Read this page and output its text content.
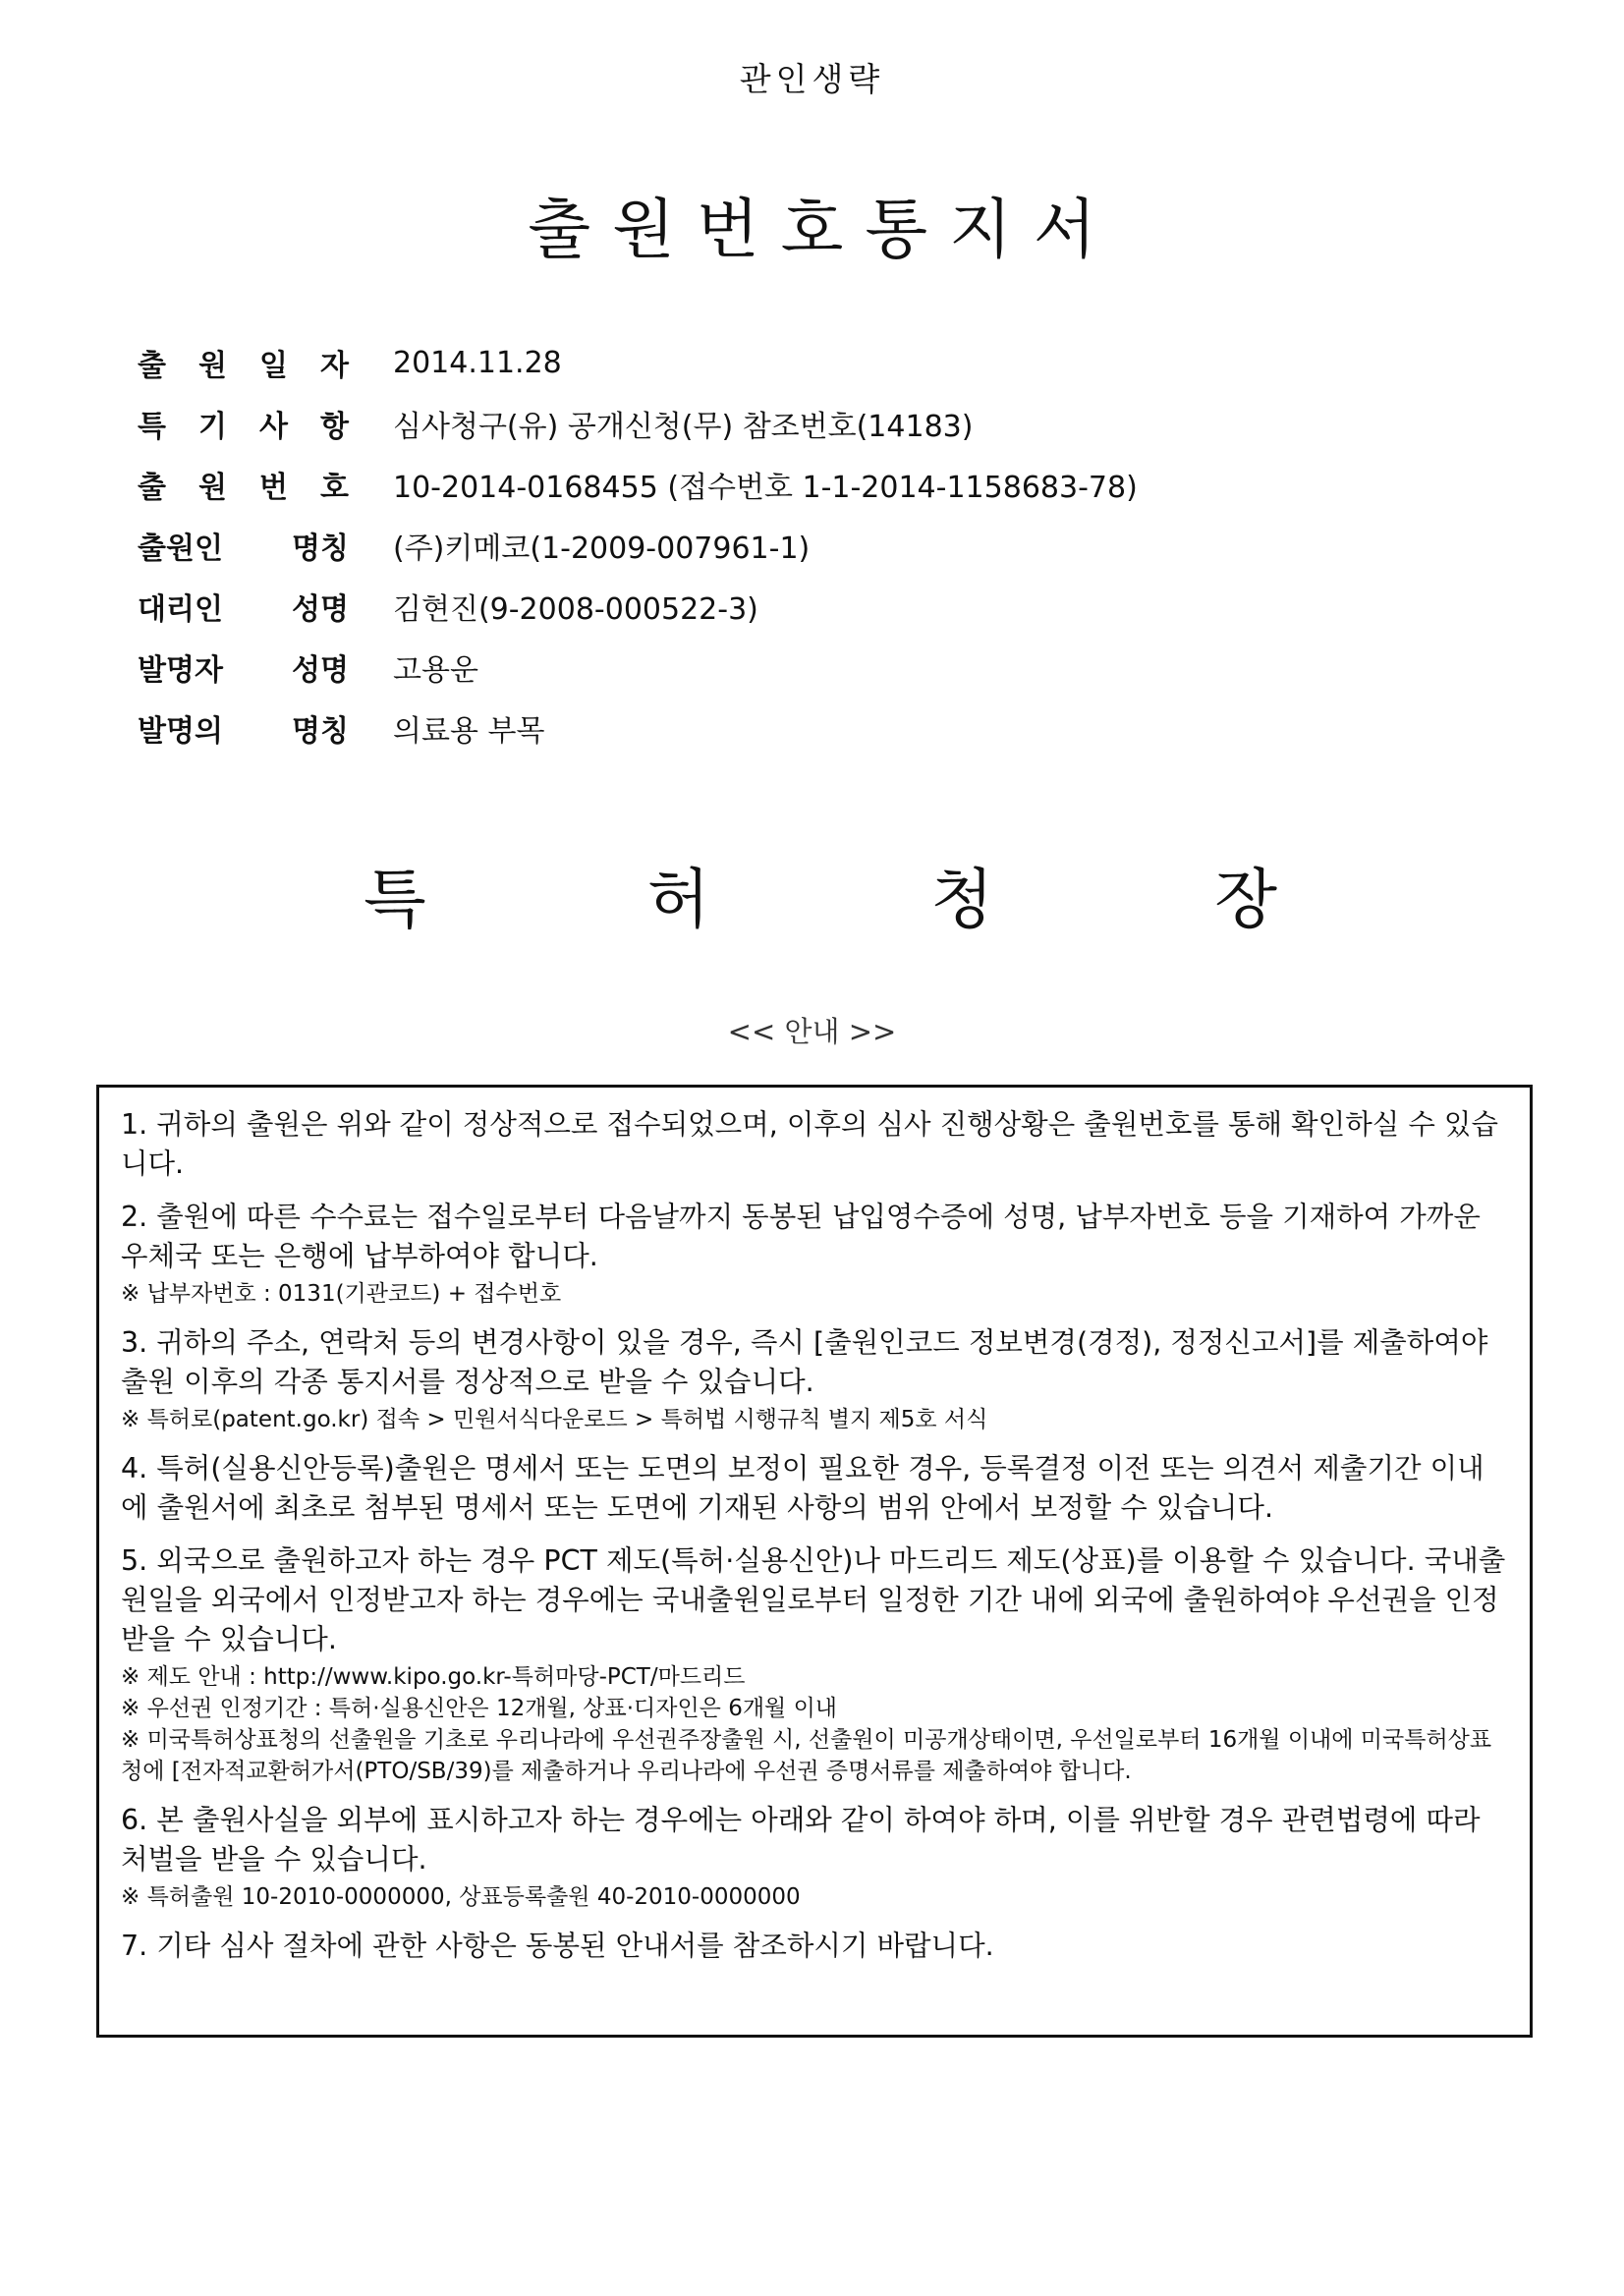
관인생략
출원번호통지서
출 원 일 자 2014.11.28
특 기 사 항 심사청구(유) 공개신청(무) 참조번호(14183)
출 원 번 호 10-2014-0168455 (접수번호 1-1-2014-1158683-78)
출원인 명칭 (주)키메코(1-2009-007961-1)
대리인 성명 김현진(9-2008-000522-3)
발명자 성명 고용운
발명의 명칭 의료용 부목
특	허	청	장
<< 안내 >>
1. 귀하의 출원은 위와 같이 정상적으로 접수되었으며, 이후의 심사 진행상황은 출원번호를 통해 확인하실 수 있습니다.
2. 출원에 따른 수수료는 접수일로부터 다음날까지 동봉된 납입영수증에 성명, 납부자번호 등을 기재하여 가까운 우체국 또는 은행에 납부하여야 합니다.
※ 납부자번호 : 0131(기관코드) + 접수번호
3. 귀하의 주소, 연락처 등의 변경사항이 있을 경우, 즉시 [출원인코드 정보변경(경정), 정정신고서]를 제출하여야 출원 이후의 각종 통지서를 정상적으로 받을 수 있습니다.
※ 특허로(patent.go.kr) 접속 > 민원서식다운로드 > 특허법 시행규칙 별지 제5호 서식
4. 특허(실용신안등록)출원은 명세서 또는 도면의 보정이 필요한 경우, 등록결정 이전 또는 의견서 제출기간 이내에 출원서에 최초로 첨부된 명세서 또는 도면에 기재된 사항의 범위 안에서 보정할 수 있습니다.
5. 외국으로 출원하고자 하는 경우 PCT 제도(특허·실용신안)나 마드리드 제도(상표)를 이용할 수 있습니다. 국내출원일을 외국에서 인정받고자 하는 경우에는 국내출원일로부터 일정한 기간 내에 외국에 출원하여야 우선권을 인정받을 수 있습니다.
※ 제도 안내 : http://www.kipo.go.kr-특허마당-PCT/마드리드
※ 우선권 인정기간 : 특허·실용신안은 12개월, 상표·디자인은 6개월 이내
※ 미국특허상표청의 선출원을 기초로 우리나라에 우선권주장출원 시, 선출원이 미공개상태이면, 우선일로부터 16개월 이내에 미국특허상표청에 [전자적교환허가서(PTO/SB/39)를 제출하거나 우리나라에 우선권 증명서류를 제출하여야 합니다.
6. 본 출원사실을 외부에 표시하고자 하는 경우에는 아래와 같이 하여야 하며, 이를 위반할 경우 관련법령에 따라 처벌을 받을 수 있습니다.
※ 특허출원 10-2010-0000000, 상표등록출원 40-2010-0000000
7. 기타 심사 절차에 관한 사항은 동봉된 안내서를 참조하시기 바랍니다.
